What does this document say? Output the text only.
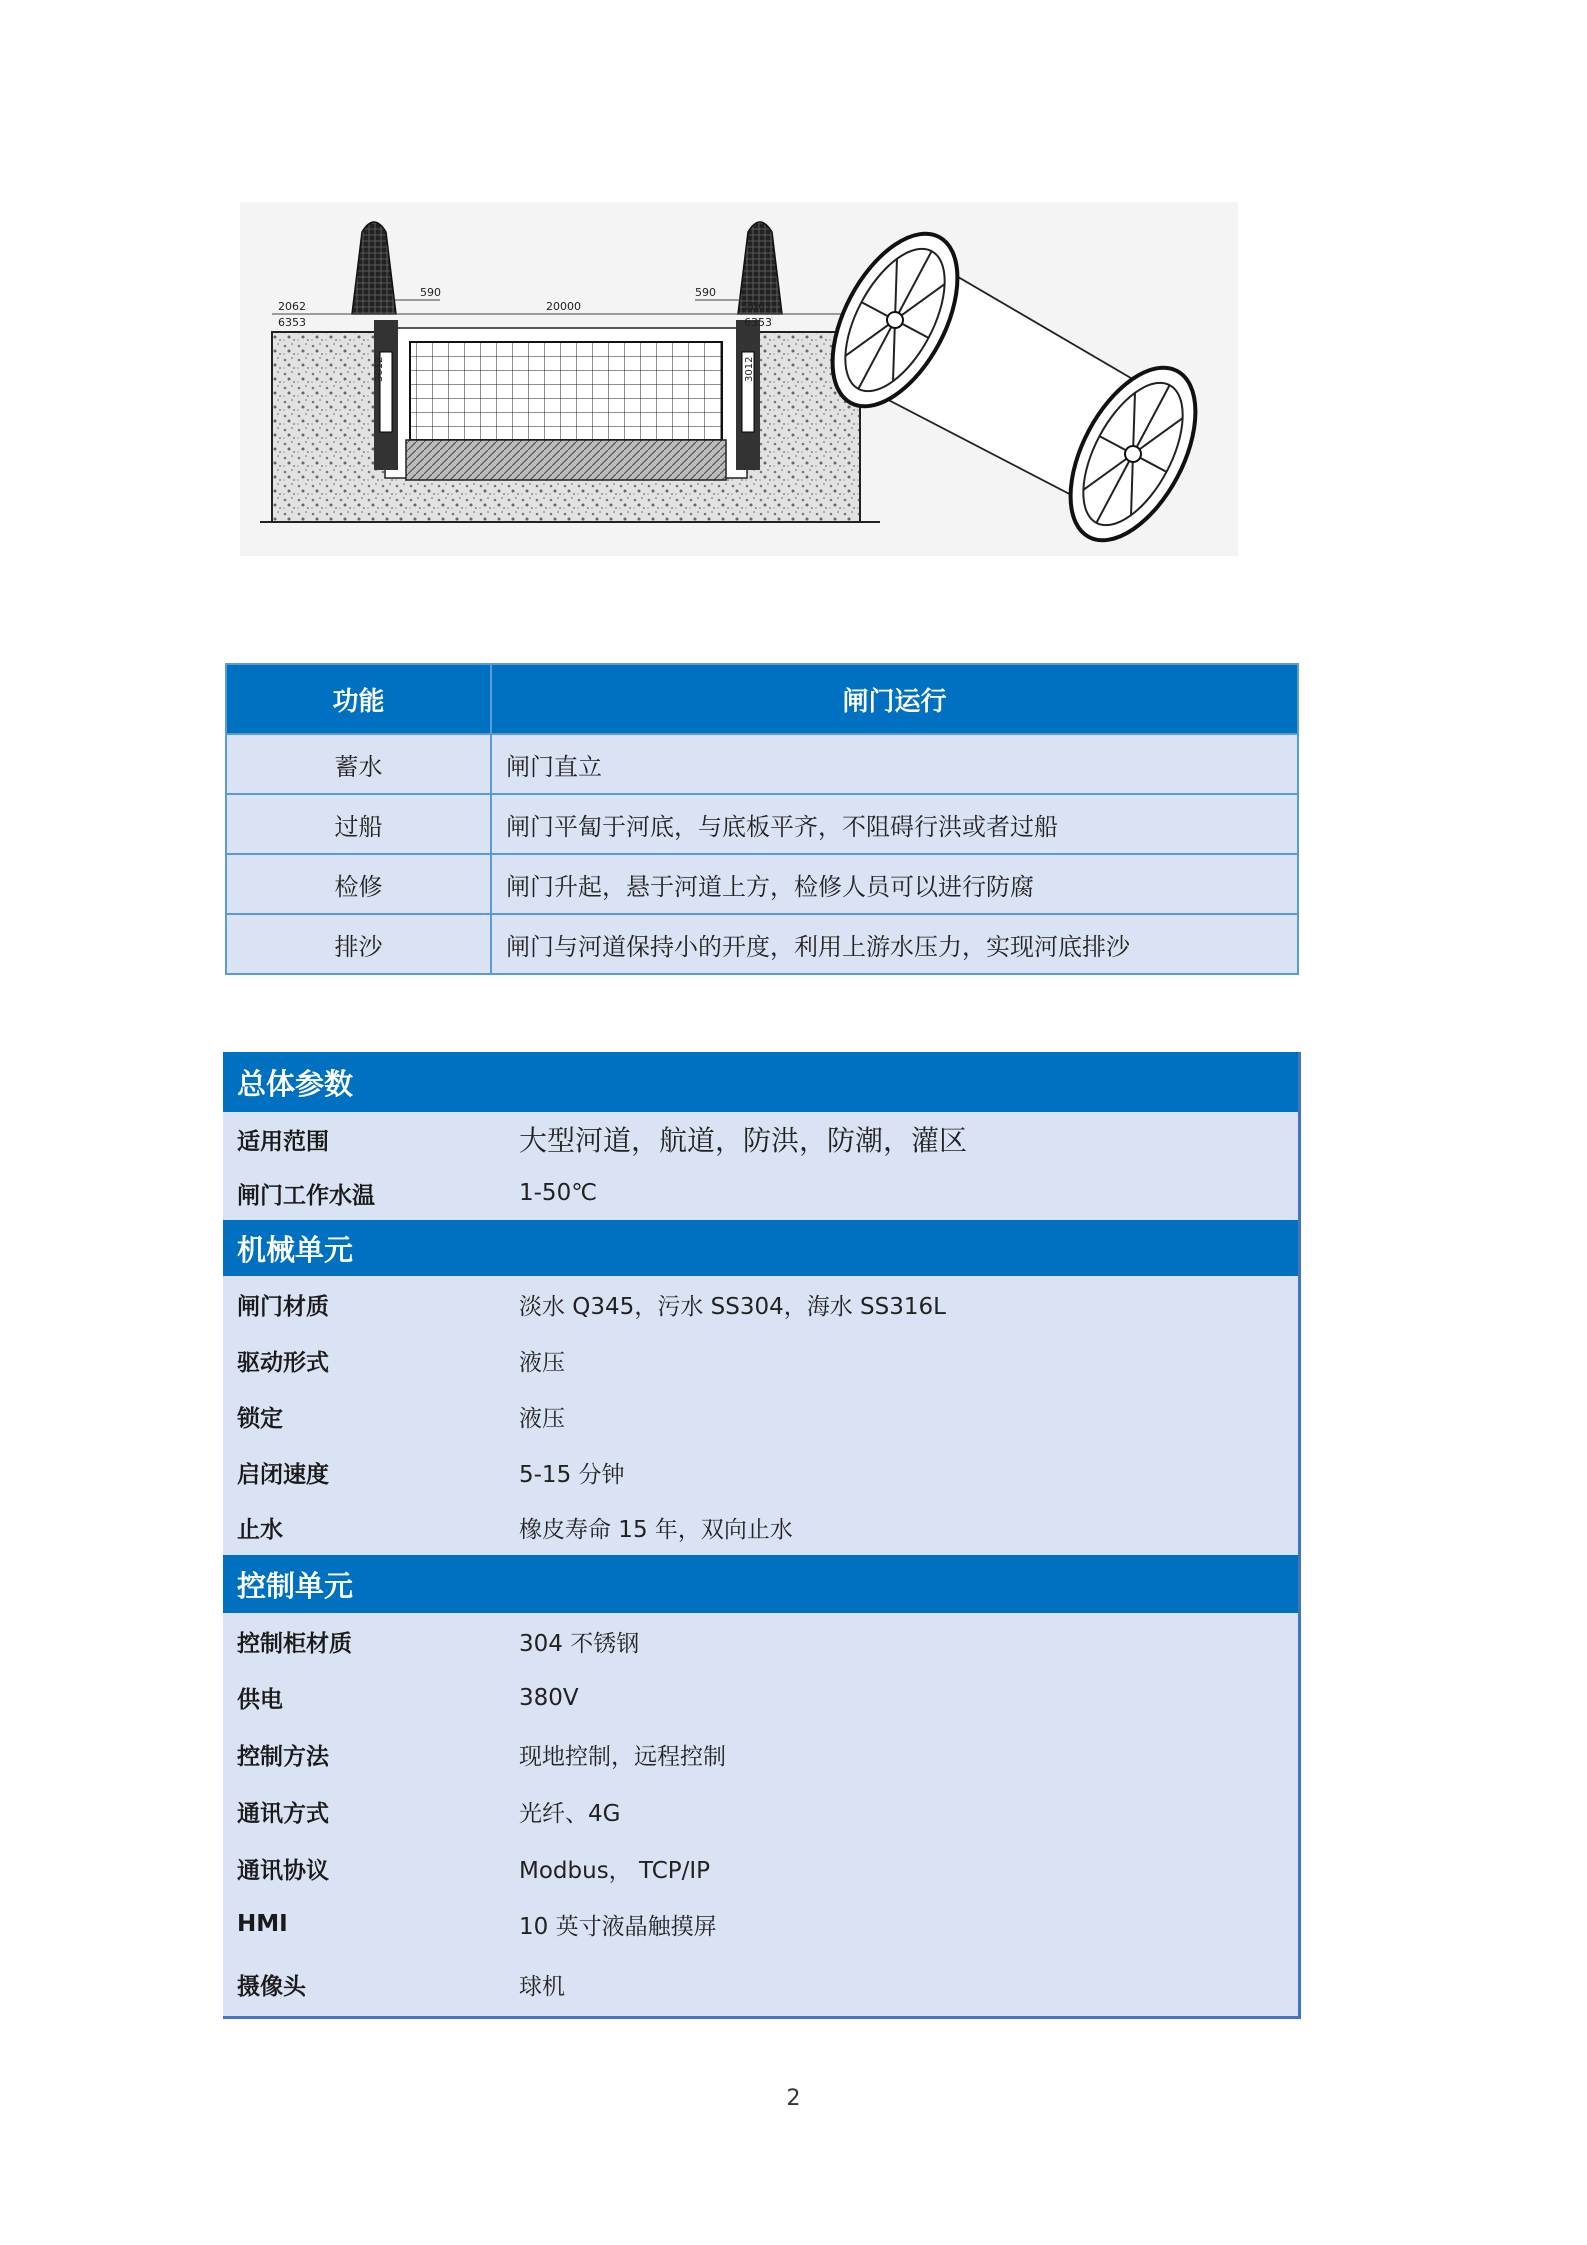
2062
6353
590
20000
590
2062
6353
3012	3012
功能	闸门运行
蓄水	闸门直立
过船	闸门平匐于河底，与底板平齐，不阻碍行洪或者过船
检修	闸门升起，悬于河道上方，检修人员可以进行防腐
排沙	闸门与河道保持小的开度，利用上游水压力，实现河底排沙
总体参数
适用范围	大型河道，航道，防洪，防潮，灌区
闸门工作水温	1-50℃
机械单元
闸门材质	淡水 Q345，污水 SS304，海水 SS316L
驱动形式	液压
锁定	液压
启闭速度	5-15 分钟
止水	橡皮寿命 15 年，双向止水
控制单元
控制柜材质	304 不锈钢
供电	380V
控制方法	现地控制，远程控制
通讯方式	光纤、4G
通讯协议	Modbus， TCP/IP
HMI	10 英寸液晶触摸屏
摄像头	球机
2
